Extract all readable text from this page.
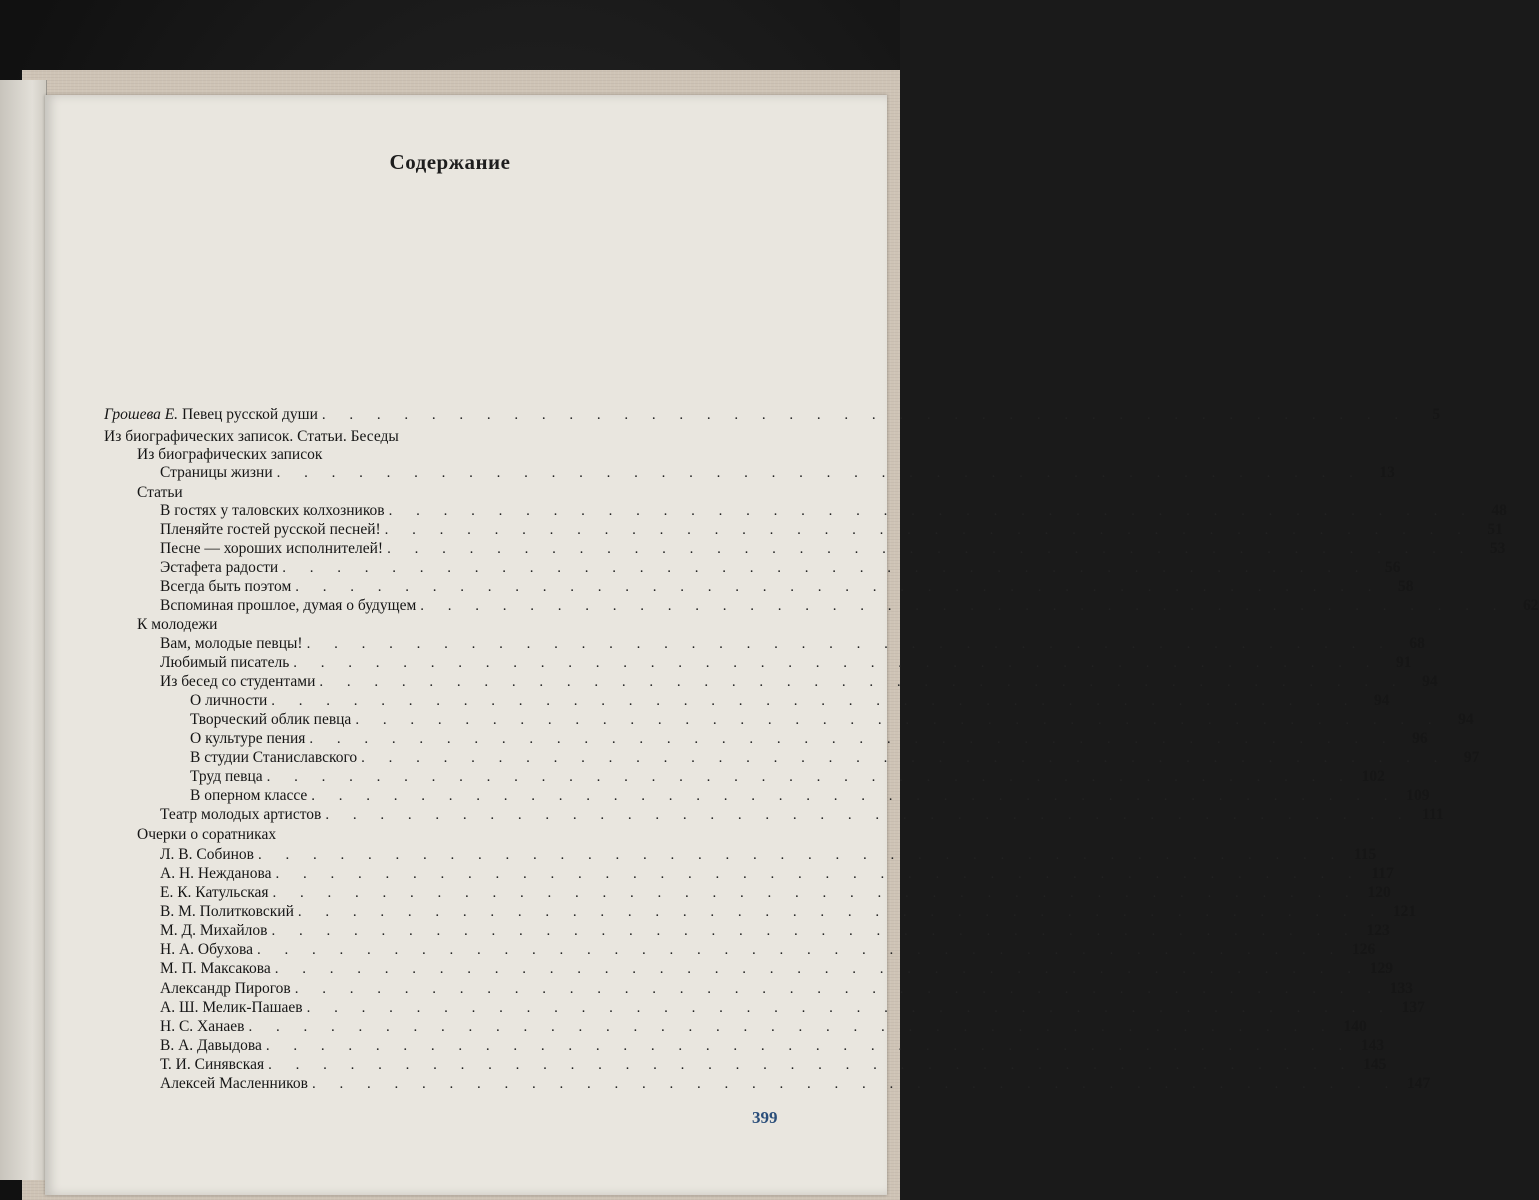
Содержание
Грошева Е. Певец русской души . . . . . . . . . . . . . . . . . . . . . . . . . . . . . . . . . . . . . . . .	5
Из биографических записок. Статьи. Беседы
Из биографических записок
Страницы жизни . . . . . . . . . . . . . . . . . . . . . . . . . . . . . . . . . . . . . . . .	13
Статьи
В гостях у таловских колхозников . . . . . . . . . . . . . . . . . . . . . . . . . . . . . . . . . . . . . . . .	48
Пленяйте гостей русской песней! . . . . . . . . . . . . . . . . . . . . . . . . . . . . . . . . . . . . . . . .	51
Песне — хороших исполнителей! . . . . . . . . . . . . . . . . . . . . . . . . . . . . . . . . . . . . . . . .	53
Эстафета радости . . . . . . . . . . . . . . . . . . . . . . . . . . . . . . . . . . . . . . . .	56
Всегда быть поэтом . . . . . . . . . . . . . . . . . . . . . . . . . . . . . . . . . . . . . . . .	58
Вспоминая прошлое, думая о будущем . . . . . . . . . . . . . . . . . . . . . . . . . . . . . . . . . . . . . . . .	62
К молодежи
Вам, молодые певцы! . . . . . . . . . . . . . . . . . . . . . . . . . . . . . . . . . . . . . . . .	68
Любимый писатель . . . . . . . . . . . . . . . . . . . . . . . . . . . . . . . . . . . . . . . .	91
Из бесед со студентами . . . . . . . . . . . . . . . . . . . . . . . . . . . . . . . . . . . . . . . .	94
О личности . . . . . . . . . . . . . . . . . . . . . . . . . . . . . . . . . . . . . . . .	94
Творческий облик певца . . . . . . . . . . . . . . . . . . . . . . . . . . . . . . . . . . . . . . . .	94
О культуре пения . . . . . . . . . . . . . . . . . . . . . . . . . . . . . . . . . . . . . . . .	96
В студии Станиславского . . . . . . . . . . . . . . . . . . . . . . . . . . . . . . . . . . . . . . . .	97
Труд певца . . . . . . . . . . . . . . . . . . . . . . . . . . . . . . . . . . . . . . . . 102
В оперном классе . . . . . . . . . . . . . . . . . . . . . . . . . . . . . . . . . . . . . . . . 109
Театр молодых артистов . . . . . . . . . . . . . . . . . . . . . . . . . . . . . . . . . . . . . . . . 111
Очерки о соратниках
Л. В. Собинов . . . . . . . . . . . . . . . . . . . . . . . . . . . . . . . . . . . . . . . . 115
А. Н. Нежданова . . . . . . . . . . . . . . . . . . . . . . . . . . . . . . . . . . . . . . . . 117
Е. К. Катульская . . . . . . . . . . . . . . . . . . . . . . . . . . . . . . . . . . . . . . . . 120
В. М. Политковский . . . . . . . . . . . . . . . . . . . . . . . . . . . . . . . . . . . . . . . . 121
М. Д. Михайлов . . . . . . . . . . . . . . . . . . . . . . . . . . . . . . . . . . . . . . . . 123
Н. А. Обухова . . . . . . . . . . . . . . . . . . . . . . . . . . . . . . . . . . . . . . . . 126
М. П. Максакова . . . . . . . . . . . . . . . . . . . . . . . . . . . . . . . . . . . . . . . . 129
Александр Пирогов . . . . . . . . . . . . . . . . . . . . . . . . . . . . . . . . . . . . . . . . 133
А. Ш. Мелик-Пашаев . . . . . . . . . . . . . . . . . . . . . . . . . . . . . . . . . . . . . . . . 137
Н. С. Ханаев . . . . . . . . . . . . . . . . . . . . . . . . . . . . . . . . . . . . . . . . 140
В. А. Давыдова . . . . . . . . . . . . . . . . . . . . . . . . . . . . . . . . . . . . . . . . 143
Т. И. Синявская . . . . . . . . . . . . . . . . . . . . . . . . . . . . . . . . . . . . . . . . 145
Алексей Масленников . . . . . . . . . . . . . . . . . . . . . . . . . . . . . . . . . . . . . . . . 147
399
